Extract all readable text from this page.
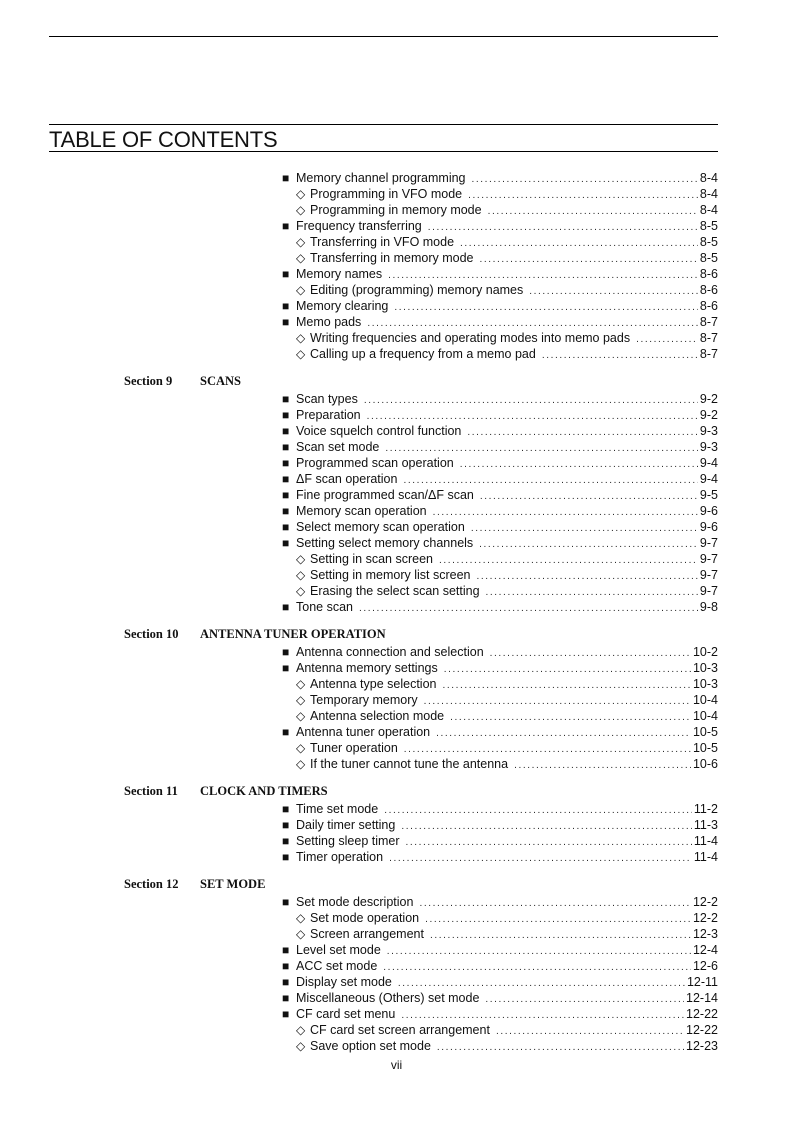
TABLE OF CONTENTS
■ Memory channel programming .....	8-4
◇ Programming in VFO mode .....	8-4
◇ Programming in memory mode .....	8-4
■ Frequency transferring .....	8-5
◇ Transferring in VFO mode .....	8-5
◇ Transferring in memory mode .....	8-5
■ Memory names .....	8-6
◇ Editing (programming) memory names .....	8-6
■ Memory clearing .....	8-6
■ Memo pads .....	8-7
◇ Writing frequencies and operating modes into memo pads .....	8-7
◇ Calling up a frequency from a memo pad .....	8-7
Section 9 SCANS
■ Scan types .....	9-2
■ Preparation .....	9-2
■ Voice squelch control function .....	9-3
■ Scan set mode .....	9-3
■ Programmed scan operation .....	9-4
■ ΔF scan operation .....	9-4
■ Fine programmed scan/ΔF scan .....	9-5
■ Memory scan operation .....	9-6
■ Select memory scan operation .....	9-6
■ Setting select memory channels .....	9-7
◇ Setting in scan screen .....	9-7
◇ Setting in memory list screen .....	9-7
◇ Erasing the select scan setting .....	9-7
■ Tone scan .....	9-8
Section 10 ANTENNA TUNER OPERATION
■ Antenna connection and selection .....	10-2
■ Antenna memory settings .....	10-3
◇ Antenna type selection .....	10-3
◇ Temporary memory .....	10-4
◇ Antenna selection mode .....	10-4
■ Antenna tuner operation .....	10-5
◇ Tuner operation .....	10-5
◇ If the tuner cannot tune the antenna .....	10-6
Section 11 CLOCK AND TIMERS
■ Time set mode .....	11-2
■ Daily timer setting .....	11-3
■ Setting sleep timer .....	11-4
■ Timer operation .....	11-4
Section 12 SET MODE
■ Set mode description .....	12-2
◇ Set mode operation .....	12-2
◇ Screen arrangement .....	12-3
■ Level set mode .....	12-4
■ ACC set mode .....	12-6
■ Display set mode .....	12-11
■ Miscellaneous (Others) set mode .....	12-14
■ CF card set menu .....	12-22
◇ CF card set screen arrangement .....	12-22
◇ Save option set mode .....	12-23
vii
